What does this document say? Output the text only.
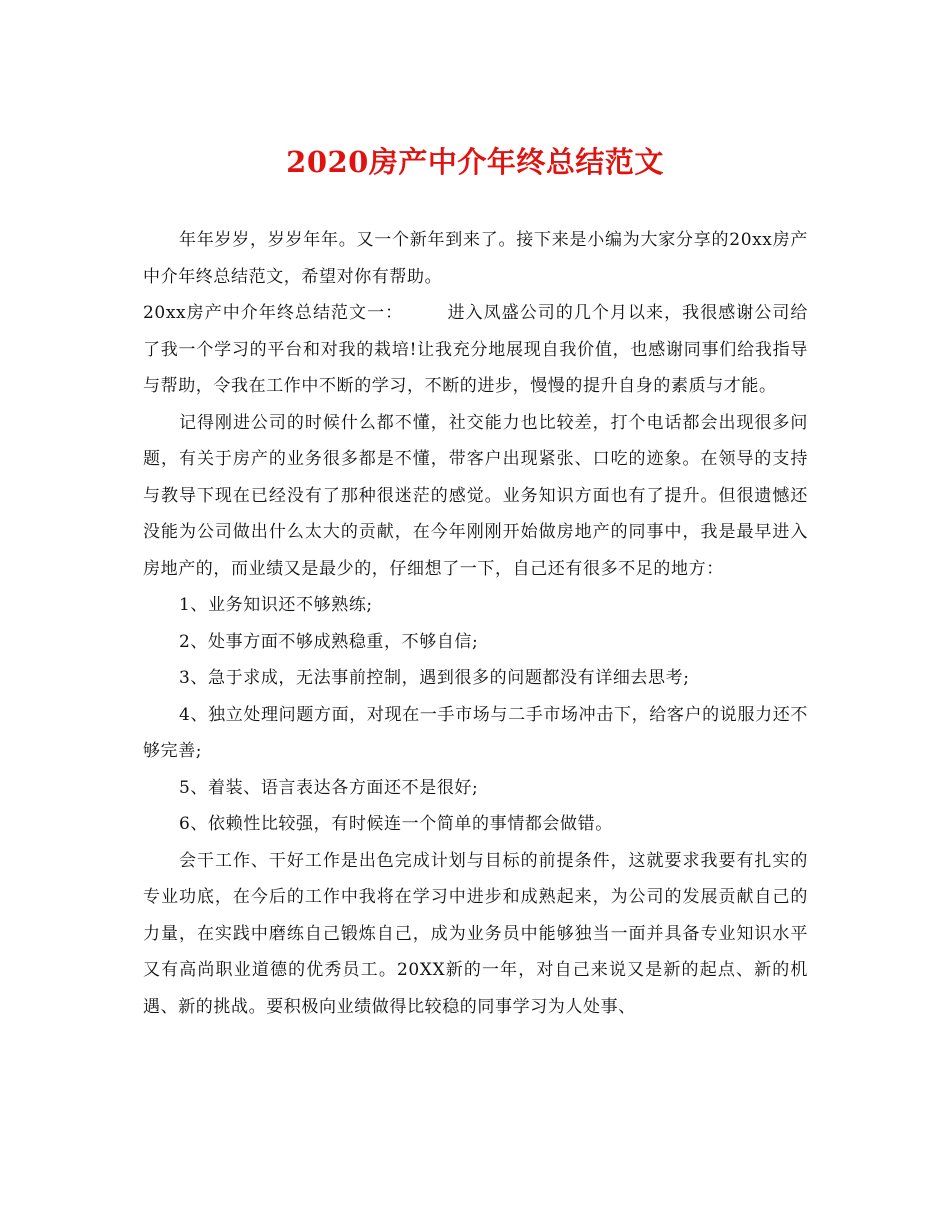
2020房产中介年终总结范文

年年岁岁，岁岁年年。又一个新年到来了。接下来是小编为大家分享的20xx房产中介年终总结范文，希望对你有帮助。

20xx房产中介年终总结范文一：	进入凤盛公司的几个月以来，我很感谢公司给了我一个学习的平台和对我的栽培!让我充分地展现自我价值，也感谢同事们给我指导与帮助，令我在工作中不断的学习，不断的进步，慢慢的提升自身的素质与才能。

记得刚进公司的时候什么都不懂，社交能力也比较差，打个电话都会出现很多问题，有关于房产的业务很多都是不懂，带客户出现紧张、口吃的迹象。在领导的支持与教导下现在已经没有了那种很迷茫的感觉。业务知识方面也有了提升。但很遗憾还没能为公司做出什么太大的贡献，在今年刚刚开始做房地产的同事中，我是最早进入房地产的，而业绩又是最少的，仔细想了一下，自己还有很多不足的地方：

1、业务知识还不够熟练;

2、处事方面不够成熟稳重，不够自信;

3、急于求成，无法事前控制，遇到很多的问题都没有详细去思考;

4、独立处理问题方面，对现在一手市场与二手市场冲击下，给客户的说服力还不够完善;

5、着装、语言表达各方面还不是很好;

6、依赖性比较强，有时候连一个简单的事情都会做错。

会干工作、干好工作是出色完成计划与目标的前提条件，这就要求我要有扎实的专业功底，在今后的工作中我将在学习中进步和成熟起来，为公司的发展贡献自己的力量，在实践中磨练自己锻炼自己，成为业务员中能够独当一面并具备专业知识水平又有高尚职业道德的优秀员工。20XX新的一年，对自己来说又是新的起点、新的机遇、新的挑战。要积极向业绩做得比较稳的同事学习为人处事、
